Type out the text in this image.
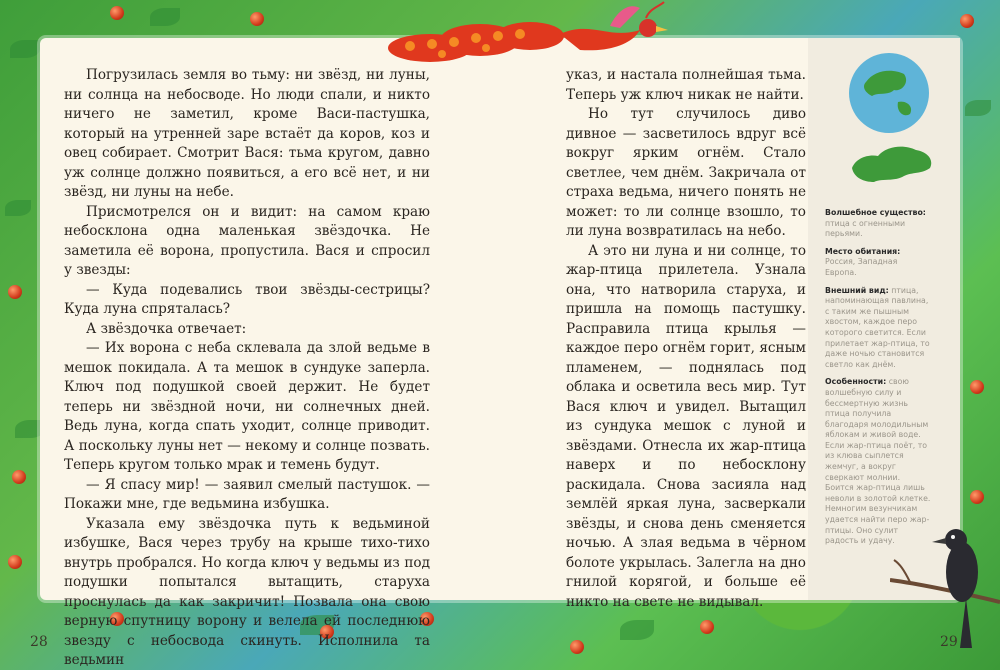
Погрузилась земля во тьму: ни звёзд, ни луны, ни солнца на небосводе. Но люди спали, и никто ничего не заметил, кроме Васи-пастушка, который на утренней заре встаёт да коров, коз и овец собирает. Смотрит Вася: тьма кругом, давно уж солнце должно появиться, а его всё нет, и ни звёзд, ни луны на небе.

Присмотрелся он и видит: на самом краю небосклона одна маленькая звёздочка. Не заметила её ворона, пропустила. Вася и спросил у звезды:

— Куда подевались твои звёзды-сестрицы? Куда луна спряталась?

А звёздочка отвечает:

— Их ворона с неба склевала да злой ведьме в мешок покидала. А та мешок в сундуке заперла. Ключ под подушкой своей держит. Не будет теперь ни звёздной ночи, ни солнечных дней. Ведь луна, когда спать уходит, солнце приводит. А поскольку луны нет — некому и солнце позвать. Теперь кругом только мрак и темень будут.

— Я спасу мир! — заявил смелый пастушок. — Покажи мне, где ведьмина избушка.

Указала ему звёздочка путь к ведьминой избушке, Вася через трубу на крыше тихо-тихо внутрь пробрался. Но когда ключ у ведьмы из под подушки попытался вытащить, старуха проснулась да как закричит! Позвала она свою верную спутницу ворону и велела ей последнюю звезду с небосвода скинуть. Исполнила та ведьмин

указ, и настала полнейшая тьма. Теперь уж ключ никак не найти.

Но тут случилось диво дивное — засветилось вдруг всё вокруг ярким огнём. Стало светлее, чем днём. Закричала от страха ведьма, ничего понять не может: то ли солнце взошло, то ли луна возвратилась на небо.

А это ни луна и ни солнце, то жар-птица прилетела. Узнала она, что натворила старуха, и пришла на помощь пастушку. Расправила птица крылья — каждое перо огнём горит, ясным пламенем, — поднялась под облака и осветила весь мир. Тут Вася ключ и увидел. Вытащил из сундука мешок с луной и звёздами. Отнесла их жар-птица наверх и по небосклону раскидала. Снова засияла над землёй яркая луна, засверкали звёзды, и снова день сменяется ночью. А злая ведьма в чёрном болоте укрылась. Залегла на дно гнилой корягой, и больше её никто на свете не видывал.

Волшебное существо: птица с огненными перьями.
Место обитания: Россия, Западная Европа.
Внешний вид: птица, напоминающая павлина, с таким же пышным хвостом, каждое перо которого светится. Если прилетает жар-птица, то даже ночью становится светло как днём.
Особенности: свою волшебную силу и бессмертную жизнь птица получила благодаря молодильным яблокам и живой воде. Если жар-птица поёт, то из клюва сыплется жемчуг, а вокруг сверкают молнии. Боится жар-птица лишь неволи в золотой клетке. Немногим везунчикам удается найти перо жар-птицы. Оно сулит радость и удачу.
28	29
